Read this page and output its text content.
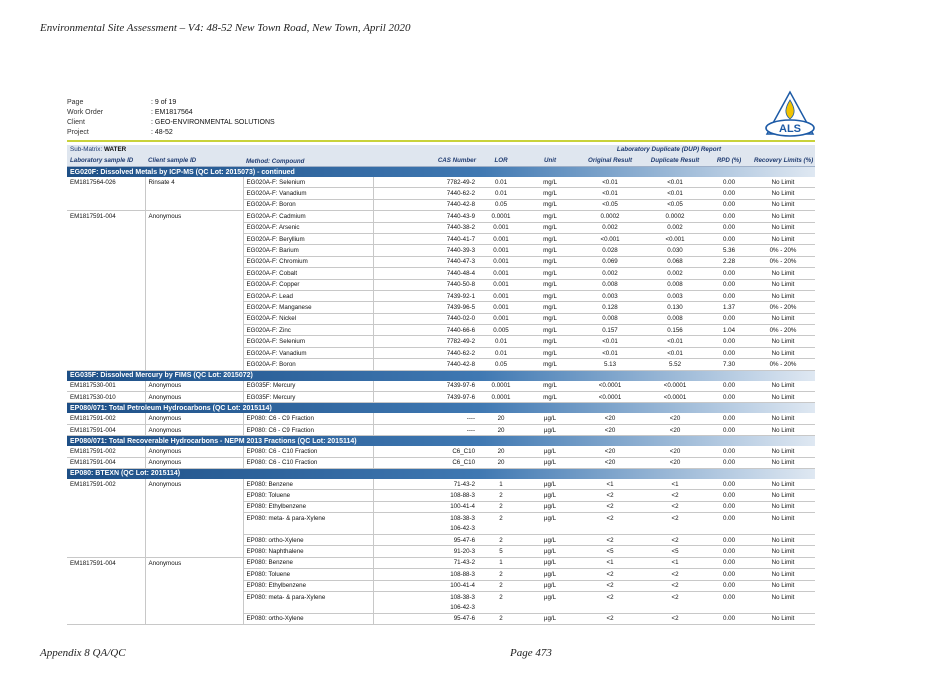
Environmental Site Assessment – V4: 48-52 New Town Road, New Town, April 2020
Page	: 9 of 19
Work Order	: EM1817564
Client	: GEO-ENVIRONMENTAL SOLUTIONS
Project	: 48-52	ALS
Sub-Matrix: WATER					Laboratory Duplicate (DUP) Report				
Laboratory sample ID	Client sample ID	Method: Compound	CAS Number	LOR	Unit	Original Result	Duplicate Result	RPD (%)	Recovery Limits (%)
EG020F: Dissolved Metals by ICP-MS (QC Lot: 2015073) - continued									
EM1817564-026	Rinsate 4	EG020A-F: Selenium	7782-49-2	0.01	mg/L	<0.01	<0.01	0.00	No Limit
		EG020A-F: Vanadium	7440-62-2	0.01	mg/L	<0.01	<0.01	0.00	No Limit
		EG020A-F: Boron	7440-42-8	0.05	mg/L	<0.05	<0.05	0.00	No Limit
EM1817591-004	Anonymous	EG020A-F: Cadmium	7440-43-9	0.0001	mg/L	0.0002	0.0002	0.00	No Limit
		EG020A-F: Arsenic	7440-38-2	0.001	mg/L	0.002	0.002	0.00	No Limit
		EG020A-F: Beryllium	7440-41-7	0.001	mg/L	<0.001	<0.001	0.00	No Limit
		EG020A-F: Barium	7440-39-3	0.001	mg/L	0.028	0.030	5.36	0% - 20%
		EG020A-F: Chromium	7440-47-3	0.001	mg/L	0.069	0.068	2.28	0% - 20%
		EG020A-F: Cobalt	7440-48-4	0.001	mg/L	0.002	0.002	0.00	No Limit
		EG020A-F: Copper	7440-50-8	0.001	mg/L	0.008	0.008	0.00	No Limit
		EG020A-F: Lead	7439-92-1	0.001	mg/L	0.003	0.003	0.00	No Limit
		EG020A-F: Manganese	7439-96-5	0.001	mg/L	0.128	0.130	1.37	0% - 20%
		EG020A-F: Nickel	7440-02-0	0.001	mg/L	0.008	0.008	0.00	No Limit
		EG020A-F: Zinc	7440-66-6	0.005	mg/L	0.157	0.156	1.04	0% - 20%
		EG020A-F: Selenium	7782-49-2	0.01	mg/L	<0.01	<0.01	0.00	No Limit
		EG020A-F: Vanadium	7440-62-2	0.01	mg/L	<0.01	<0.01	0.00	No Limit
		EG020A-F: Boron	7440-42-8	0.05	mg/L	5.13	5.52	7.30	0% - 20%
EG035F: Dissolved Mercury by FIMS (QC Lot: 2015072)									
EM1817530-001	Anonymous	EG035F: Mercury	7439-97-6	0.0001	mg/L	<0.0001	<0.0001	0.00	No Limit
EM1817530-010	Anonymous	EG035F: Mercury	7439-97-6	0.0001	mg/L	<0.0001	<0.0001	0.00	No Limit
EP080/071: Total Petroleum Hydrocarbons (QC Lot: 2015114)									
EM1817591-002	Anonymous	EP080: C6 - C9 Fraction	----	20	µg/L	<20	<20	0.00	No Limit
EM1817591-004	Anonymous	EP080: C6 - C9 Fraction	----	20	µg/L	<20	<20	0.00	No Limit
EP080/071: Total Recoverable Hydrocarbons - NEPM 2013 Fractions (QC Lot: 2015114)									
EM1817591-002	Anonymous	EP080: C6 - C10 Fraction	C6_C10	20	µg/L	<20	<20	0.00	No Limit
EM1817591-004	Anonymous	EP080: C6 - C10 Fraction	C6_C10	20	µg/L	<20	<20	0.00	No Limit
EP080: BTEXN (QC Lot: 2015114)									
EM1817591-002	Anonymous	EP080: Benzene	71-43-2	1	µg/L	<1	<1	0.00	No Limit
		EP080: Toluene	108-88-3	2	µg/L	<2	<2	0.00	No Limit
		EP080: Ethylbenzene	100-41-4	2	µg/L	<2	<2	0.00	No Limit
		EP080: meta- & para-Xylene	108-38-3	2	µg/L	<2	<2	0.00	No Limit
			106-42-3						
		EP080: ortho-Xylene	95-47-6	2	µg/L	<2	<2	0.00	No Limit
		EP080: Naphthalene	91-20-3	5	µg/L	<5	<5	0.00	No Limit
EM1817591-004	Anonymous	EP080: Benzene	71-43-2	1	µg/L	<1	<1	0.00	No Limit
		EP080: Toluene	108-88-3	2	µg/L	<2	<2	0.00	No Limit
		EP080: Ethylbenzene	100-41-4	2	µg/L	<2	<2	0.00	No Limit
		EP080: meta- & para-Xylene	108-38-3	2	µg/L	<2	<2	0.00	No Limit
			106-42-3						
		EP080: ortho-Xylene	95-47-6	2	µg/L	<2	<2	0.00	No Limit
Appendix 8 QA/QC	Page 473
